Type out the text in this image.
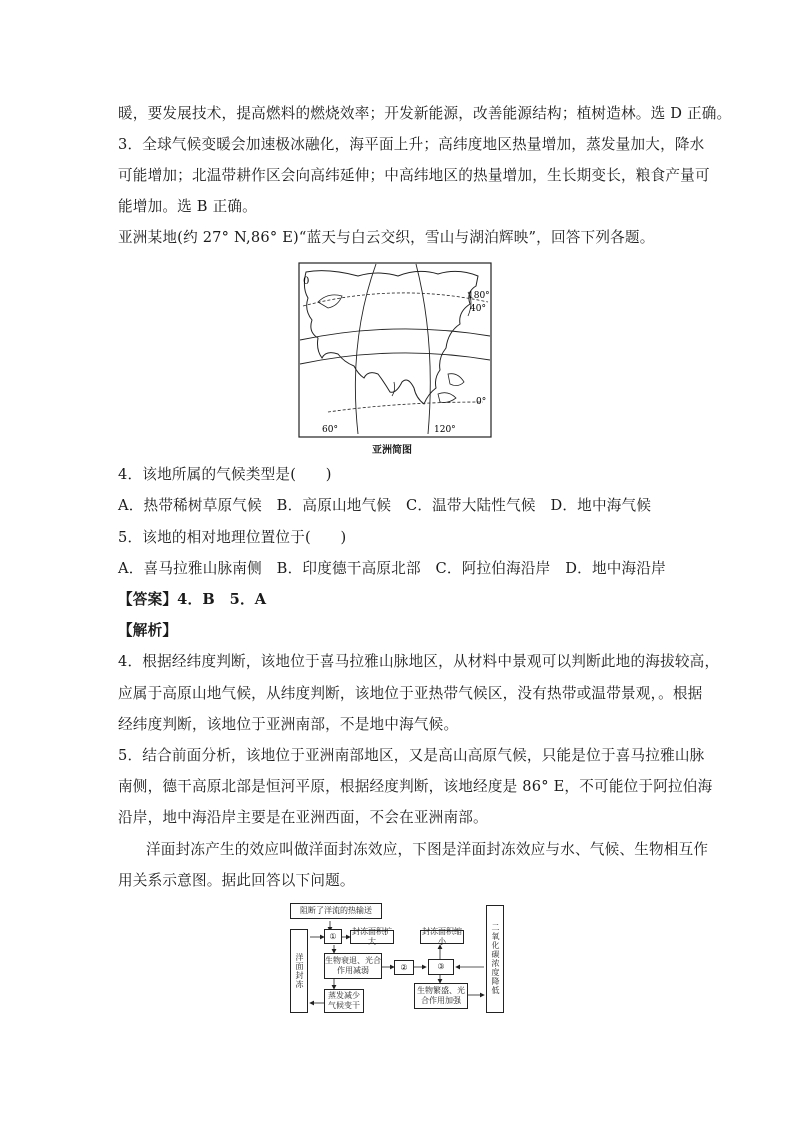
暖，要发展技术，提高燃料的燃烧效率；开发新能源，改善能源结构；植树造林。选 D 正确。
3．全球气候变暖会加速极冰融化，海平面上升；高纬度地区热量增加，蒸发量加大，降水
可能增加；北温带耕作区会向高纬延伸；中高纬地区的热量增加，生长期变长，粮食产量可
能增加。选 B 正确。
亚洲某地(约 27° N,86° E)“蓝天与白云交织，雪山与湖泊辉映”，回答下列各题。
0
180°
40°
0°
60°	120°
亚洲简图
4．该地所属的气候类型是(　　)
A．热带稀树草原气候　B．高原山地气候　C．温带大陆性气候　D．地中海气候
5．该地的相对地理位置位于(　　)
A．喜马拉雅山脉南侧　B．印度德干高原北部　C．阿拉伯海沿岸　D．地中海沿岸
【答案】4．B　5．A
【解析】
4．根据经纬度判断，该地位于喜马拉雅山脉地区，从材料中景观可以判断此地的海拔较高，
应属于高原山地气候，从纬度判断，该地位于亚热带气候区，没有热带或温带景观，。根据
经纬度判断，该地位于亚洲南部，不是地中海气候。
5．结合前面分析，该地位于亚洲南部地区，又是高山高原气候，只能是位于喜马拉雅山脉
南侧，德干高原北部是恒河平原，根据经度判断，该地经度是 86° E，不可能位于阿拉伯海
沿岸，地中海沿岸主要是在亚洲西面，不会在亚洲南部。
洋面封冻产生的效应叫做洋面封冻效应，下图是洋面封冻效应与水、气候、生物相互作
用关系示意图。据此回答以下问题。
阻断了洋流的热输送
洋面封冻	二氧化碳浓度降低
①	封冻面积扩大
封冻面积缩小
生物衰退、光合作用减弱	②	③
蒸发减少气候变干
生物繁盛、光合作用加强
